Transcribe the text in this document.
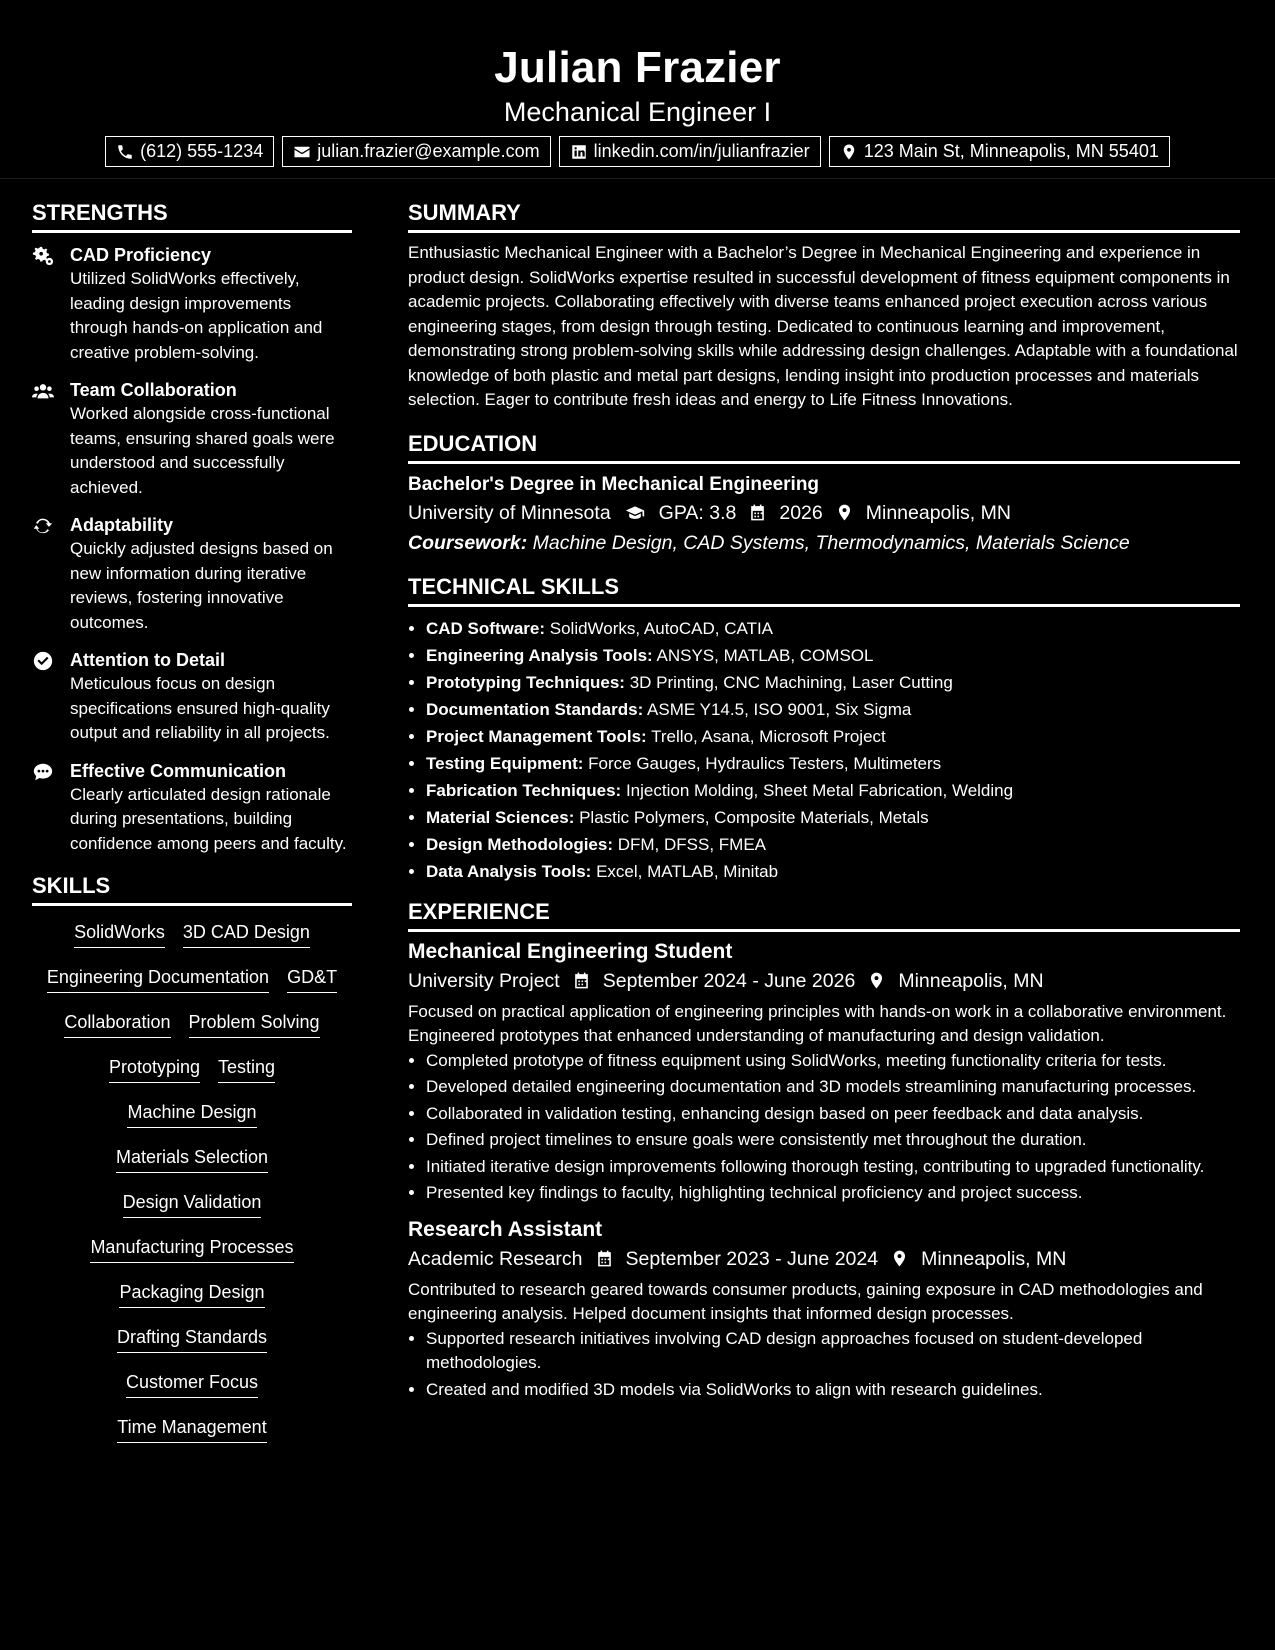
Julian Frazier
Mechanical Engineer I
(612) 555-1234	julian.frazier@example.com	linkedin.com/in/julianfrazier	123 Main St, Minneapolis, MN 55401
STRENGTHS
CAD Proficiency
Utilized SolidWorks effectively, leading design improvements through hands-on application and creative problem-solving.
Team Collaboration
Worked alongside cross-functional teams, ensuring shared goals were understood and successfully achieved.
Adaptability
Quickly adjusted designs based on new information during iterative reviews, fostering innovative outcomes.
Attention to Detail
Meticulous focus on design specifications ensured high-quality output and reliability in all projects.
Effective Communication
Clearly articulated design rationale during presentations, building confidence among peers and faculty.
SKILLS
SolidWorks 3D CAD Design
Engineering Documentation GD&T
Collaboration Problem Solving
Prototyping Testing
Machine Design
Materials Selection
Design Validation
Manufacturing Processes
Packaging Design
Drafting Standards
Customer Focus
Time Management
SUMMARY

Enthusiastic Mechanical Engineer with a Bachelor’s Degree in Mechanical Engineering and experience in product design. SolidWorks expertise resulted in successful development of fitness equipment components in academic projects. Collaborating effectively with diverse teams enhanced project execution across various engineering stages, from design through testing. Dedicated to continuous learning and improvement, demonstrating strong problem-solving skills while addressing design challenges. Adaptable with a foundational knowledge of both plastic and metal part designs, lending insight into production processes and materials selection. Eager to contribute fresh ideas and energy to Life Fitness Innovations.

EDUCATION
Bachelor's Degree in Mechanical Engineering
University of Minnesota GPA: 3.8 2026 Minneapolis, MN
Coursework: Machine Design, CAD Systems, Thermodynamics, Materials Science
TECHNICAL SKILLS
• CAD Software: SolidWorks, AutoCAD, CATIA
• Engineering Analysis Tools: ANSYS, MATLAB, COMSOL
• Prototyping Techniques: 3D Printing, CNC Machining, Laser Cutting
• Documentation Standards: ASME Y14.5, ISO 9001, Six Sigma
• Project Management Tools: Trello, Asana, Microsoft Project
• Testing Equipment: Force Gauges, Hydraulics Testers, Multimeters
• Fabrication Techniques: Injection Molding, Sheet Metal Fabrication, Welding
• Material Sciences: Plastic Polymers, Composite Materials, Metals
• Design Methodologies: DFM, DFSS, FMEA
• Data Analysis Tools: Excel, MATLAB, Minitab
EXPERIENCE
Mechanical Engineering Student
University Project September 2024 - June 2026 Minneapolis, MN

Focused on practical application of engineering principles with hands-on work in a collaborative environment. Engineered prototypes that enhanced understanding of manufacturing and design validation.

• Completed prototype of fitness equipment using SolidWorks, meeting functionality criteria for tests.
• Developed detailed engineering documentation and 3D models streamlining manufacturing processes.
• Collaborated in validation testing, enhancing design based on peer feedback and data analysis.
• Defined project timelines to ensure goals were consistently met throughout the duration.
• Initiated iterative design improvements following thorough testing, contributing to upgraded functionality.
• Presented key findings to faculty, highlighting technical proficiency and project success.
Research Assistant
Academic Research September 2023 - June 2024 Minneapolis, MN

Contributed to research geared towards consumer products, gaining exposure in CAD methodologies and engineering analysis. Helped document insights that informed design processes.

• Supported research initiatives involving CAD design approaches focused on student-developed methodologies.
• Created and modified 3D models via SolidWorks to align with research guidelines.
